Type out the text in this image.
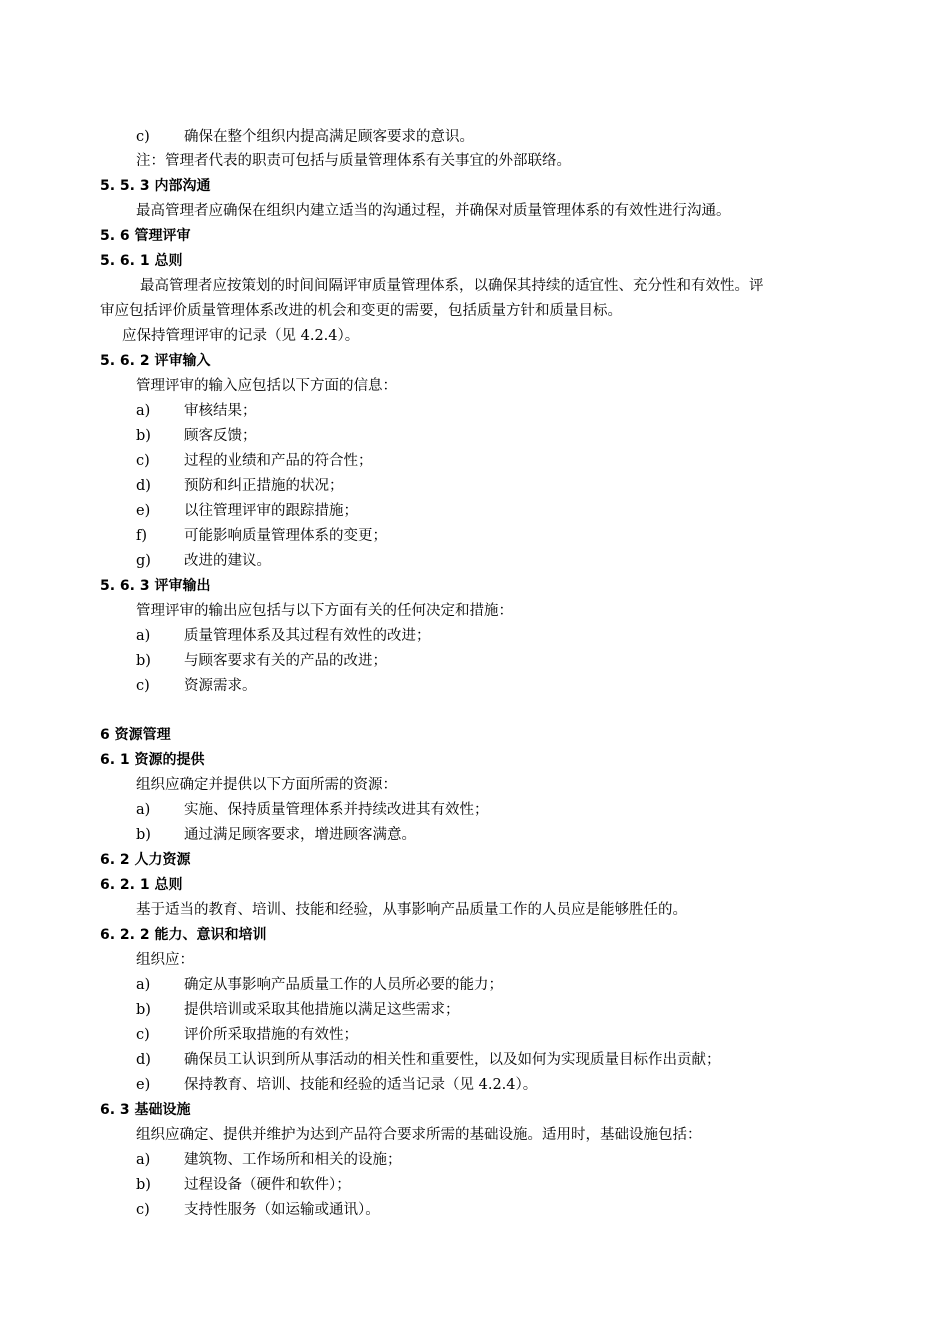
c) 确保在整个组织内提高满足顾客要求的意识。
注：管理者代表的职责可包括与质量管理体系有关事宜的外部联络。
5. 5. 3 内部沟通
最高管理者应确保在组织内建立适当的沟通过程，并确保对质量管理体系的有效性进行沟通。
5. 6 管理评审
5. 6. 1 总则
最高管理者应按策划的时间间隔评审质量管理体系，以确保其持续的适宜性、充分性和有效性。评
审应包括评价质量管理体系改进的机会和变更的需要，包括质量方针和质量目标。
应保持管理评审的记录（见 4.2.4）。
5. 6. 2 评审输入
管理评审的输入应包括以下方面的信息：
a) 审核结果；
b) 顾客反馈；
c) 过程的业绩和产品的符合性；
d) 预防和纠正措施的状况；
e) 以往管理评审的跟踪措施；
f)	可能影响质量管理体系的变更；
g) 改进的建议。
5. 6. 3 评审输出
管理评审的输出应包括与以下方面有关的任何决定和措施：
a) 质量管理体系及其过程有效性的改进；
b) 与顾客要求有关的产品的改进；
c) 资源需求。
6 资源管理
6. 1 资源的提供
组织应确定并提供以下方面所需的资源：
a) 实施、保持质量管理体系并持续改进其有效性；
b) 通过满足顾客要求，增进顾客满意。
6. 2 人力资源
6. 2. 1 总则
基于适当的教育、培训、技能和经验，从事影响产品质量工作的人员应是能够胜任的。
6. 2. 2 能力、意识和培训
组织应：
a) 确定从事影响产品质量工作的人员所必要的能力；
b) 提供培训或采取其他措施以满足这些需求；
c) 评价所采取措施的有效性；
d) 确保员工认识到所从事活动的相关性和重要性，以及如何为实现质量目标作出贡献；
e) 保持教育、培训、技能和经验的适当记录（见 4.2.4）。
6. 3 基础设施
组织应确定、提供并维护为达到产品符合要求所需的基础设施。适用时，基础设施包括：
a) 建筑物、工作场所和相关的设施；
b) 过程设备（硬件和软件）；
c) 支持性服务（如运输或通讯）。
